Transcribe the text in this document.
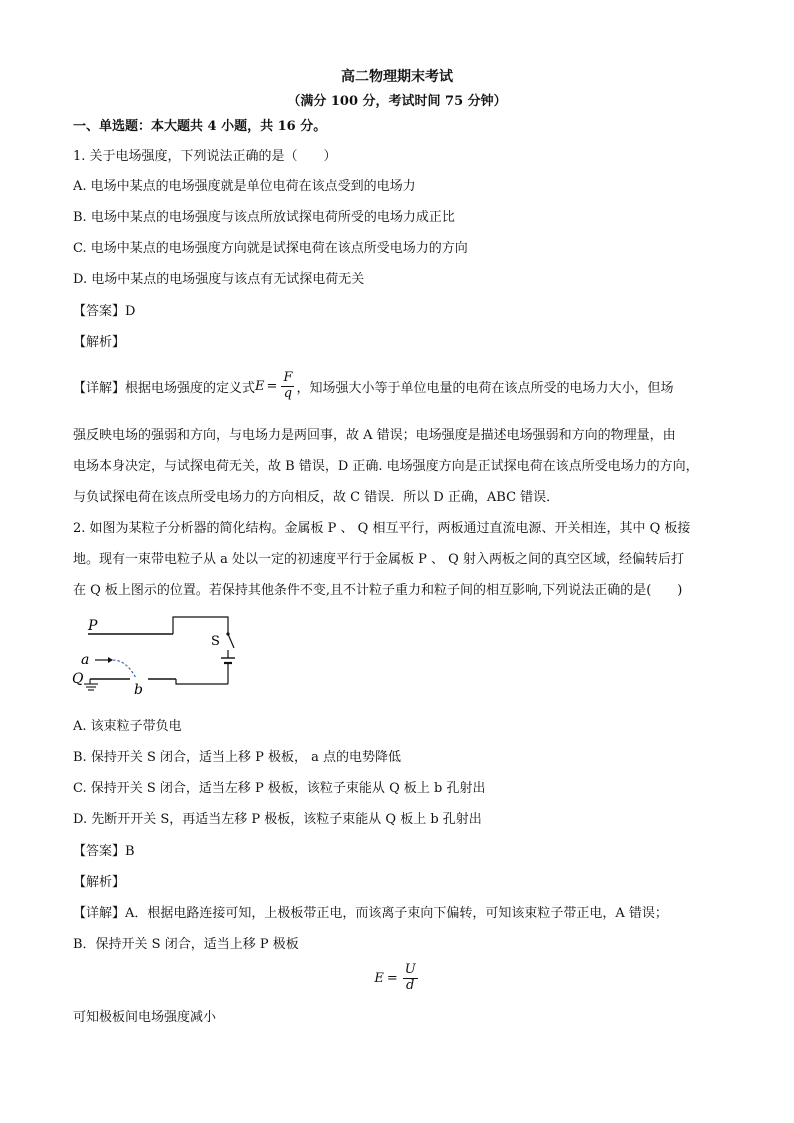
高二物理期末考试
（满分 100 分，考试时间 75 分钟）
一、单选题：本大题共 4 小题，共 16 分。
1. 关于电场强度，下列说法正确的是（　　）
A. 电场中某点的电场强度就是单位电荷在该点受到的电场力
B. 电场中某点的电场强度与该点所放试探电荷所受的电场力成正比
C. 电场中某点的电场强度方向就是试探电荷在该点所受电场力的方向
D. 电场中某点的电场强度与该点有无试探电荷无关
【答案】D
【解析】
【详解】 根据电场强度的定义式 $E = \frac{F}{q}$ ，知场强大小等于单位电量的电荷在该点所受的电场力大小，但场
强反映电场的强弱和方向，与电场力是两回事，故 A 错误；电场强度是描述电场强弱和方向的物理量，由
电场本身决定，与试探电荷无关，故 B 错误，D 正确. 电场强度方向是正试探电荷在该点所受电场力的方向，
与负试探电荷在该点所受电场力的方向相反，故 C 错误．所以 D 正确，ABC 错误．
2. 如图为某粒子分析器的简化结构。金属板 P 、 Q 相互平行，两板通过直流电源、开关相连，其中 Q 板接
地。现有一束带电粒子从 a 处以一定的初速度平行于金属板 P 、 Q 射入两板之间的真空区域，经偏转后打
在 Q 板上图示的位置。若保持其他条件不变,且不计粒子重力和粒子间的相互影响,下列说法正确的是(　　)
P
Q
S
a
b
A. 该束粒子带负电
B. 保持开关 S 闭合，适当上移 P 极板， a 点的电势降低
C. 保持开关 S 闭合，适当左移 P 极板，该粒子束能从 Q 板上 b 孔射出
D. 先断开开关 S，再适当左移 P 极板，该粒子束能从 Q 板上 b 孔射出
【答案】B
【解析】
【详解】A．根据电路连接可知，上极板带正电，而该离子束向下偏转，可知该束粒子带正电，A 错误；
B．保持开关 S 闭合，适当上移 P 极板
$E = \frac{U}{d}$
可知极板间电场强度减小
